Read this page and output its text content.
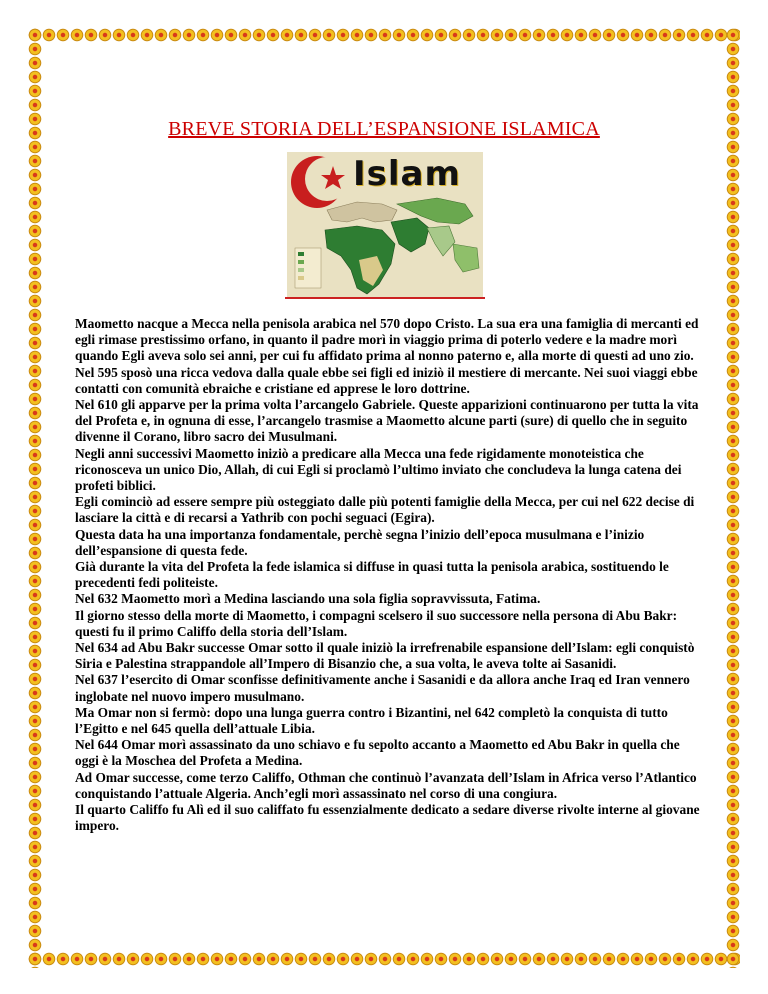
BREVE STORIA DELL’ESPANSIONE ISLAMICA
Islam

Maometto nacque a Mecca nella penisola arabica nel 570 dopo Cristo. La sua era una famiglia di mercanti ed egli rimase prestissimo orfano, in quanto il padre morì in viaggio prima di poterlo vedere e la madre morì quando Egli aveva solo sei anni, per cui fu affidato prima al nonno paterno e, alla morte di questi ad uno zio.

Nel 595 sposò una ricca vedova dalla quale ebbe sei figli ed iniziò il mestiere di mercante. Nei suoi viaggi ebbe contatti con comunità ebraiche e cristiane ed apprese le loro dottrine.

Nel 610 gli apparve per la prima volta l’arcangelo Gabriele. Queste apparizioni continuarono per tutta la vita del Profeta e, in ognuna di esse, l’arcangelo trasmise a Maometto alcune parti (sure) di quello che in seguito divenne il Corano, libro sacro dei Musulmani.

Negli anni successivi Maometto iniziò a predicare alla Mecca una fede rigidamente monoteistica che riconosceva un unico Dio, Allah, di cui Egli si proclamò l’ultimo inviato che concludeva la lunga catena dei profeti biblici.

Egli cominciò ad essere sempre più osteggiato dalle più potenti famiglie della Mecca, per cui nel 622 decise di lasciare la città e di recarsi a Yathrib con pochi seguaci (Egira).

Questa data ha una importanza fondamentale, perchè segna l’inizio dell’epoca musulmana e l’inizio dell’espansione di questa fede.

Già durante la vita del Profeta la fede islamica si diffuse in quasi tutta la penisola arabica, sostituendo le precedenti fedi politeiste.

Nel 632 Maometto morì a Medina lasciando una sola figlia sopravvissuta, Fatima.

Il giorno stesso della morte di Maometto, i compagni scelsero il suo successore nella persona di Abu Bakr: questi fu il primo Califfo della storia dell’Islam.

Nel 634 ad Abu Bakr successe Omar sotto il quale iniziò la irrefrenabile espansione dell’Islam: egli conquistò Siria e Palestina strappandole all’Impero di Bisanzio che, a sua volta, le aveva tolte ai Sasanidi.

Nel 637 l’esercito di Omar sconfisse definitivamente anche i Sasanidi e da allora anche Iraq ed Iran vennero inglobate nel nuovo impero musulmano.

Ma Omar non si fermò: dopo una lunga guerra contro i Bizantini, nel 642 completò la conquista di tutto l’Egitto e nel 645 quella dell’attuale Libia.

Nel 644 Omar morì assassinato da uno schiavo e fu sepolto accanto a Maometto ed Abu Bakr in quella che oggi è la Moschea del Profeta a Medina.

Ad Omar successe, come terzo Califfo, Othman che continuò l’avanzata dell’Islam in Africa verso l’Atlantico conquistando l’attuale Algeria. Anch’egli morì assassinato nel corso di una congiura.

Il quarto Califfo fu Alì ed il suo califfato fu essenzialmente dedicato a sedare diverse rivolte interne al giovane impero.
